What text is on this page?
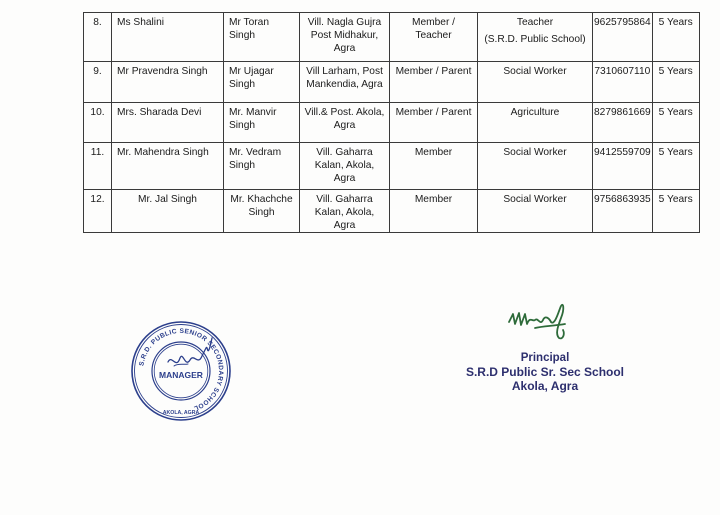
8.	Ms Shalini	Mr Toran Singh	Vill. Nagla Gujra Post Midhakur, Agra	Member / Teacher	Teacher
(S.R.D. Public School)	9625795864	5 Years
9.	Mr Pravendra Singh	Mr Ujagar Singh	Vill Larham, Post Mankendia, Agra	Member / Parent	Social Worker	7310607110	5 Years
10.	Mrs. Sharada Devi	Mr. Manvir Singh	Vill.& Post. Akola, Agra	Member / Parent	Agriculture	8279861669	5 Years
11.	Mr. Mahendra Singh	Mr. Vedram Singh	Vill. Gaharra Kalan, Akola, Agra	Member	Social Worker	9412559709	5 Years
12.	Mr. Jal Singh	Mr. Khachche Singh	Vill. Gaharra Kalan, Akola, Agra	Member	Social Worker	9756863935	5 Years
S.R.D. PUBLIC SENIOR SECONDARY SCHOOL
MANAGER
AKOLA, AGRA
Principal
S.R.D Public Sr. Sec School
Akola, Agra
